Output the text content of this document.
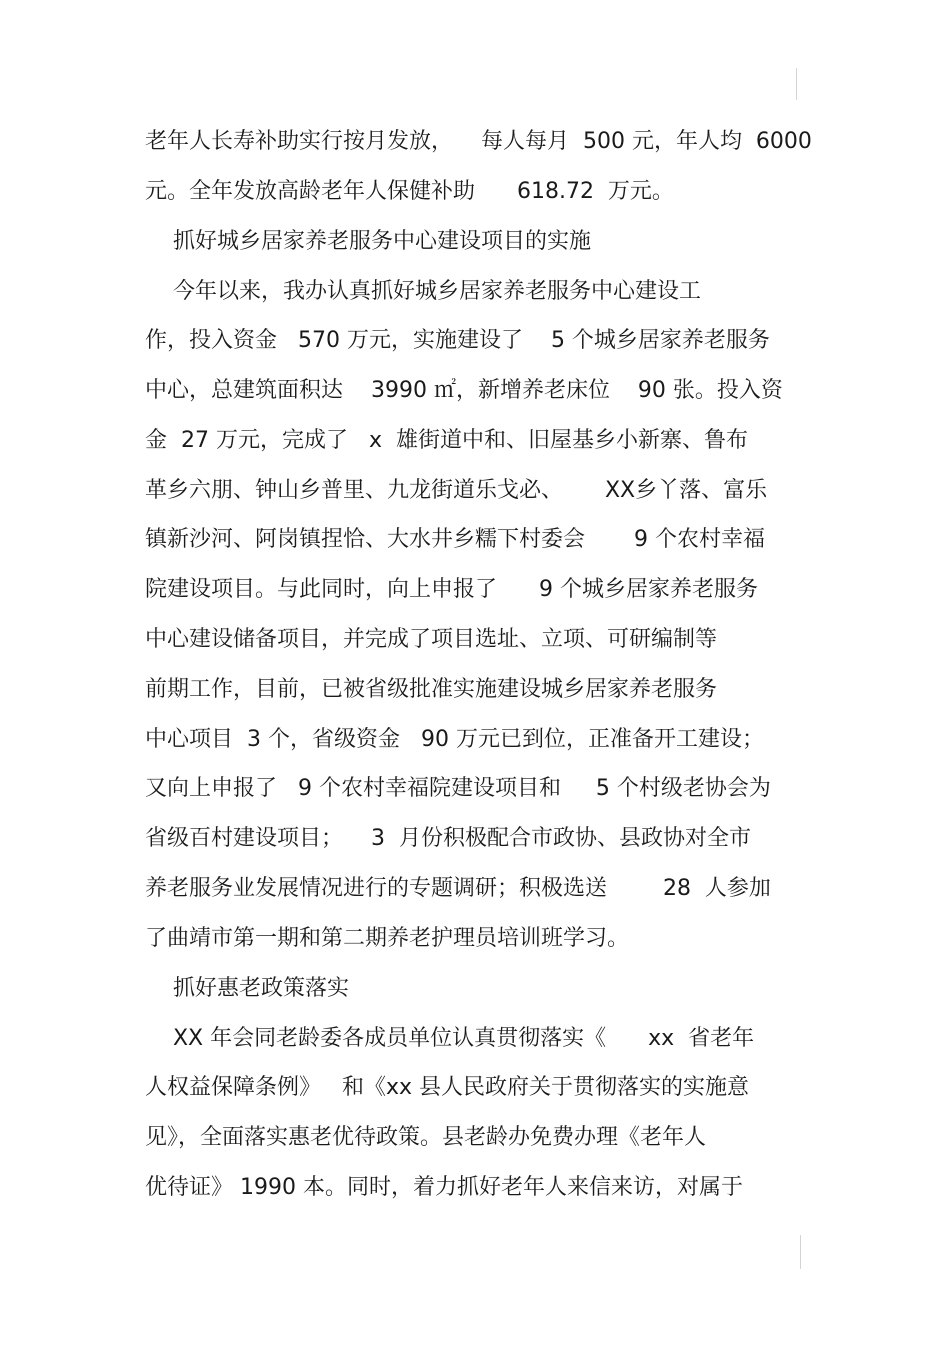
老年人长寿补助实行按月发放，    每人每月  500 元，年人均  6000
元。全年发放高龄老年人保健补助      618.72  万元。
抓好城乡居家养老服务中心建设项目的实施
今年以来，我办认真抓好城乡居家养老服务中心建设工
作，投入资金   570 万元，实施建设了    5 个城乡居家养老服务
中心，总建筑面积达    3990 ㎡，新增养老床位    90 张。投入资
金  27 万元，完成了   x  雄街道中和、旧屋基乡小新寨、鲁布
革乡六朋、钟山乡普里、九龙街道乐戈必、      XX乡丫落、富乐
镇新沙河、阿岗镇捏恰、大水井乡糯下村委会       9 个农村幸福
院建设项目。与此同时，向上申报了      9 个城乡居家养老服务
中心建设储备项目，并完成了项目选址、立项、可研编制等
前期工作，目前，已被省级批准实施建设城乡居家养老服务
中心项目  3 个，省级资金   90 万元已到位，正准备开工建设；
又向上申报了   9 个农村幸福院建设项目和     5 个村级老协会为
省级百村建设项目；    3  月份积极配合市政协、县政协对全市
养老服务业发展情况进行的专题调研；积极选送        28  人参加
了曲靖市第一期和第二期养老护理员培训班学习。
抓好惠老政策落实
XX 年会同老龄委各成员单位认真贯彻落实《      xx  省老年
人权益保障条例》   和《xx 县人民政府关于贯彻落实的实施意
见》，全面落实惠老优待政策。县老龄办免费办理《老年人
优待证》 1990 本。同时，着力抓好老年人来信来访，对属于
